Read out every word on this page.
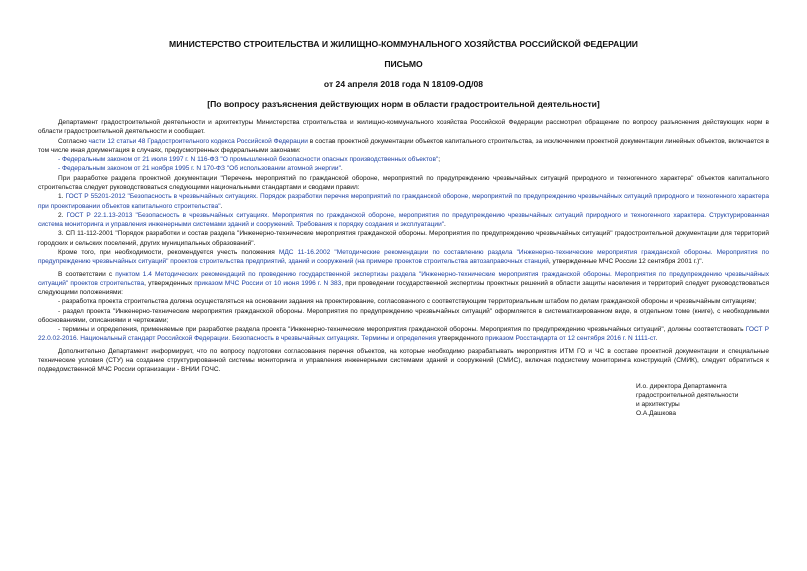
МИНИСТЕРСТВО СТРОИТЕЛЬСТВА И ЖИЛИЩНО-КОММУНАЛЬНОГО ХОЗЯЙСТВА РОССИЙСКОЙ ФЕДЕРАЦИИ

ПИСЬМО

от 24 апреля 2018 года N 18109-ОД/08

[По вопросу разъяснения действующих норм в области градостроительной деятельности]

Департамент градостроительной деятельности и архитектуры Министерства строительства и жилищно-коммунального хозяйства Российской Федерации рассмотрел обращение по вопросу разъяснения действующих норм в области градостроительной деятельности и сообщает.

Согласно части 12 статьи 48 Градостроительного кодекса Российской Федерации в состав проектной документации объектов капитального строительства, за исключением проектной документации линейных объектов, включается в том числе иная документация в случаях, предусмотренных федеральными законами:

- Федеральным законом от 21 июля 1997 г. N 116-ФЗ "О промышленной безопасности опасных производственных объектов";

- Федеральным законом от 21 ноября 1995 г. N 170-ФЗ "Об использовании атомной энергии".

При разработке раздела проектной документации "Перечень мероприятий по гражданской обороне, мероприятий по предупреждению чрезвычайных ситуаций природного и техногенного характера" объектов капитального строительства следует руководствоваться следующими национальными стандартами и сводами правил:

1. ГОСТ Р 55201-2012 "Безопасность в чрезвычайных ситуациях. Порядок разработки перечня мероприятий по гражданской обороне, мероприятий по предупреждению чрезвычайных ситуаций природного и техногенного характера при проектировании объектов капитального строительства".

2. ГОСТ Р 22.1.13-2013 "Безопасность в чрезвычайных ситуациях. Мероприятия по гражданской обороне, мероприятия по предупреждению чрезвычайных ситуаций природного и техногенного характера. Структурированная система мониторинга и управления инженерными системами зданий и сооружений. Требования к порядку создания и эксплуатации".

3. СП 11-112-2001 "Порядок разработки и состав раздела "Инженерно-технические мероприятия гражданской обороны. Мероприятия по предупреждению чрезвычайных ситуаций" градостроительной документации для территорий городских и сельских поселений, других муниципальных образований".

Кроме того, при необходимости, рекомендуется учесть положения МДС 11-16.2002 "Методические рекомендации по составлению раздела "Инженерно-технические мероприятия гражданской обороны. Мероприятия по предупреждению чрезвычайных ситуаций" проектов строительства предприятий, зданий и сооружений (на примере проектов строительства автозаправочных станций, утвержденные МЧС России 12 сентября 2001 г.)".

В соответствии с пунктом 1.4 Методических рекомендаций по проведению государственной экспертизы раздела "Инженерно-технические мероприятия гражданской обороны. Мероприятия по предупреждению чрезвычайных ситуаций" проектов строительства, утвержденных приказом МЧС России от 10 июня 1996 г. N 383, при проведении государственной экспертизы проектных решений в области защиты населения и территорий следует руководствоваться следующими положениями:

- разработка проекта строительства должна осуществляться на основании задания на проектирование, согласованного с соответствующим территориальным штабом по делам гражданской обороны и чрезвычайным ситуациям;

- раздел проекта "Инженерно-технические мероприятия гражданской обороны. Мероприятия по предупреждению чрезвычайных ситуаций" оформляется в систематизированном виде, в отдельном томе (книге), с необходимыми обоснованиями, описаниями и чертежами;

- термины и определения, применяемые при разработке раздела проекта "Инженерно-технические мероприятия гражданской обороны. Мероприятия по предупреждению чрезвычайных ситуаций", должны соответствовать ГОСТ Р 22.0.02-2016. Национальный стандарт Российской Федерации. Безопасность в чрезвычайных ситуациях. Термины и определения утвержденного приказом Росстандарта от 12 сентября 2016 г. N 1111-ст.

Дополнительно Департамент информирует, что по вопросу подготовки согласования перечня объектов, на которые необходимо разрабатывать мероприятия ИТМ ГО и ЧС в составе проектной документации и специальные технические условия (СТУ) на создание структурированной системы мониторинга и управления инженерными системами зданий и сооружений (СМИС), включая подсистему мониторинга конструкций (СМИК), следует обратиться к подведомственной МЧС России организации - ВНИИ ГОЧС.

И.о. директора Департамента
градостроительной деятельности
и архитектуры
О.А.Дашкова
